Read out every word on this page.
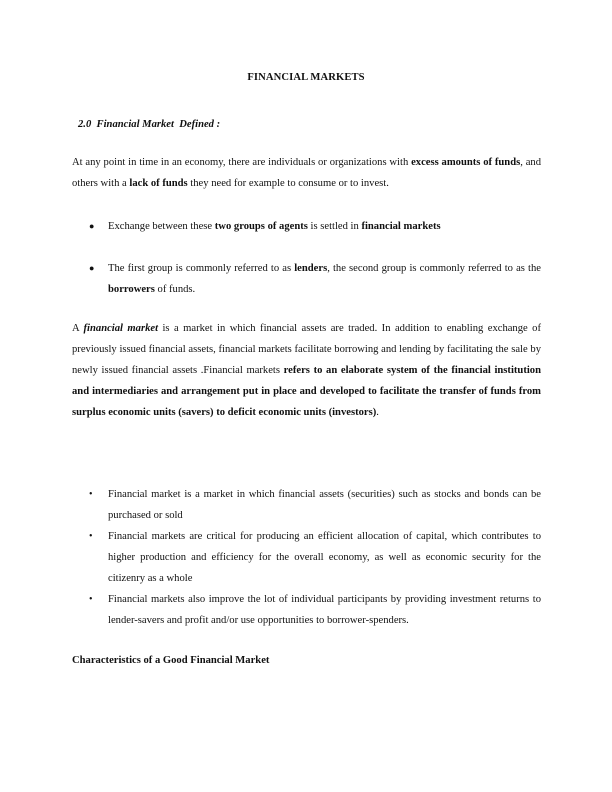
FINANCIAL MARKETS
2.0  Financial Market  Defined :

At any point in time in an economy, there are individuals or organizations with excess amounts of funds, and others with a lack of funds they need for example to consume or to invest.

●	Exchange between these two groups of agents is settled in financial markets
●	The first group is commonly referred to as lenders, the second group is commonly referred to as the borrowers of funds.

A financial market is a market in which financial assets are traded. In addition to enabling exchange of previously issued financial assets, financial markets facilitate borrowing and lending by facilitating the sale by newly issued financial assets .Financial markets refers to an elaborate system of the financial institution and intermediaries and arrangement put in place and developed to facilitate the transfer of funds from surplus economic units (savers) to deficit economic units (investors).

•	Financial market is a market in which financial assets (securities) such as stocks and bonds can be purchased or sold
•	Financial markets are critical for producing an efficient allocation of capital, which contributes to higher production and efficiency for the overall economy, as well as economic security for the citizenry as a whole
•	Financial markets also improve the lot of individual participants by providing investment returns to lender-savers and profit and/or use opportunities to borrower-spenders.
Characteristics of a Good Financial Market
